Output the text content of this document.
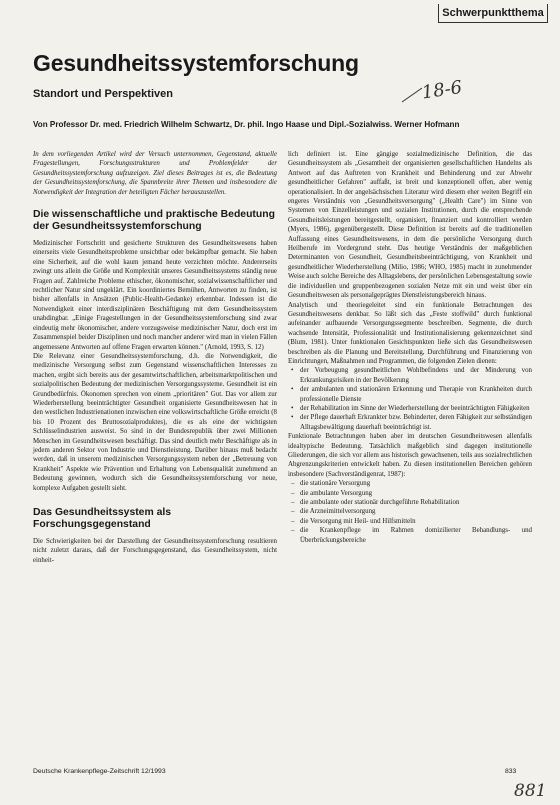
Schwerpunktthema
Gesundheitssystemforschung
Standort und Perspektiven	18-6

Von Professor Dr. med. Friedrich Wilhelm Schwartz, Dr. phil. Ingo Haase und Dipl.-Sozialwiss. Werner Hofmann

In dem vorliegenden Artikel wird der Versuch unternommen, Gegenstand, aktuelle Fragestellungen, Forschungsstrukturen und Problemfelder der Gesundheitssystemforschung aufzuzeigen. Ziel dieses Beitrages ist es, die Bedeutung der Gesundheitssystemforschung, die Spannbreite ihrer Themen und insbesondere die Notwendigkeit der Integration der beteiligten Fächer herauszustellen.

Die wissenschaftliche und praktische Bedeutung der Gesundheitssystemforschung

Medizinischer Fortschritt und gesicherte Strukturen des Gesundheitswesens haben einerseits viele Gesundheitsprobleme unsichtbar oder bekämpfbar gemacht. Sie haben eine Sicherheit, auf die wohl kaum jemand heute verzichten möchte. Andererseits zwingt uns allein die Größe und Komplexität unseres Gesundheitssystems ständig neue Fragen auf. Zahlreiche Probleme ethischer, ökonomischer, sozialwissenschaftlicher und rechtlicher Natur sind ungeklärt. Ein koordiniertes Bemühen, Antworten zu finden, ist bisher allenfalls in Ansätzen (Public-Health-Gedanke) erkennbar. Indessen ist die Notwendigkeit einer interdisziplinären Beschäftigung mit dem Gesundheitssystem unabdingbar. „Einige Fragestellungen in der Gesundheitssystemforschung sind zwar eindeutig mehr ökonomischer, andere vorzugsweise medizinischer Natur, doch erst im Zusammenspiel beider Disziplinen und noch mancher anderer wird man in vielen Fällen angemessene Antworten auf offene Fragen erwarten können." (Arnold, 1993, S. 12)

Die Relevanz einer Gesundheitssystemforschung, d.h. die Notwendigkeit, die medizinische Versorgung selbst zum Gegenstand wissenschaftlichen Interesses zu machen, ergibt sich bereits aus der gesamtwirtschaftlichen, arbeitsmarktpolitischen und sozialpolitischen Bedeutung der medizinischen Versorgungssysteme. Gesundheit ist ein Grundbedürfnis. Ökonomen sprechen von einem „prioritären" Gut. Das vor allem zur Wiederherstellung beeinträchtigter Gesundheit organisierte Gesundheitswesen hat in den westlichen Industrienationen inzwischen eine volkswirtschaftliche Größe erreicht (8 bis 10 Prozent des Bruttosozialproduktes), die es als eine der wichtigsten Schlüsselindustrien ausweist. So sind in der Bundesrepublik über zwei Millionen Menschen im Gesundheitswesen beschäftigt. Das sind deutlich mehr Beschäftigte als in jedem anderen Sektor von Industrie und Dienstleistung. Darüber hinaus muß bedacht werden, daß in unserem medizinischen Versorgungssystem neben der „Betreuung von Krankheit" Aspekte wie Prävention und Erhaltung von Lebensqualität zunehmend an Bedeutung gewinnen, wodurch sich die Gesundheitssystemforschung vor neue, komplexe Aufgaben gestellt sieht.

Das Gesundheitssystem als Forschungsgegenstand

Die Schwierigkeiten bei der Darstellung der Gesundheitssystemforschung resultieren nicht zuletzt daraus, daß der Forschungsgegenstand, das Gesundheitssystem, nicht einheit-

lich definiert ist. Eine gängige sozialmedizinische Definition, die das Gesundheitssystem als „Gesamtheit der organisierten gesellschaftlichen Handelns als Antwort auf das Auftreten von Krankheit und Behinderung und zur Abwehr gesundheitlicher Gefahren" auffaßt, ist breit und konzeptionell offen, aber wenig operationalisiert. In der angelsächsischen Literatur wird diesem eher weiten Begriff ein engeres Verständnis von „Gesundheitsversorgung" („Health Care") im Sinne von Systemen von Einzelleistungen und sozialen Institutionen, durch die entsprechende Gesundheitsleistungen bereitgestellt, organisiert, finanziert und kontrolliert werden (Myers, 1986), gegenübergestellt. Diese Definition ist bereits auf die traditionellen Auffassung eines Gesundheitswesens, in dem die persönliche Versorgung durch Heilberufe im Vordergrund steht. Das heutige Verständnis der maßgeblichen Determinanten von Gesundheit, Gesundheitsbeeinträchtigung, von Krankheit und gesundheitlicher Wiederherstellung (Milio, 1986; WHO, 1985) macht in zunehmender Weise auch solche Bereiche des Alltagslebens, der persönlichen Lebensgestaltung sowie die individuellen und gruppenbezogenen sozialen Netze mit ein und weist über ein Gesundheitswesen als personalgeprägtes Dienstleistungsbereich hinaus.

Analytisch und theoriegeleitet sind ein funktionale Betrachtungen des Gesundheitswesens denkbar. So läßt sich das „Feste stoffwild" durch funktional aufeinander aufbauende Versorgungssegmente beschreiben. Segmente, die durch wachsende Intensität, Professionalität und Institutionalisierung gekennzeichnet sind (Blum, 1981). Unter funktionalen Gesichtspunkten ließe sich das Gesundheitswesen beschreiben als die Planung und Bereitstellung, Durchführung und Finanzierung von Einrichtungen, Maßnahmen und Programmen, die folgenden Zielen dienen:

• der Vorbeugung gesundheitlichen Wohlbefindens und der Minderung von Erkrankungsrisiken in der Bevölkerung
• der ambulanten und stationären Erkennung und Therapie von Krankheiten durch professionelle Dienste
• der Rehabilitation im Sinne der Wiederherstellung der beeinträchtigten Fähigkeiten
• der Pflege dauerhaft Erkrankter bzw. Behinderter, deren Fähigkeit zur selbständigen Alltagsbewältigung dauerhaft beeinträchtigt ist.

Funktionale Betrachtungen haben aber im deutschen Gesundheitswesen allenfalls idealtypische Bedeutung. Tatsächlich maßgeblich sind dagegen institutionelle Gliederungen, die sich vor allem aus historisch gewachsenen, teils aus sozialrechtlichen Abgrenzungskriterien entwickelt haben. Zu diesen institutionellen Bereichen gehören insbesondere (Sachverständigenrat, 1987):

– die stationäre Versorgung
– die ambulante Versorgung
– die ambulante oder stationär durchgeführte Rehabilitation
– die Arzneimittelversorgung
– die Versorgung mit Heil- und Hilfsmitteln
– die Krankenpflege im Rahmen domizilierter Behandlungs- und Überbrückungsbereiche
Deutsche Krankenpflege-Zeitschrift 12/1993	833
881
